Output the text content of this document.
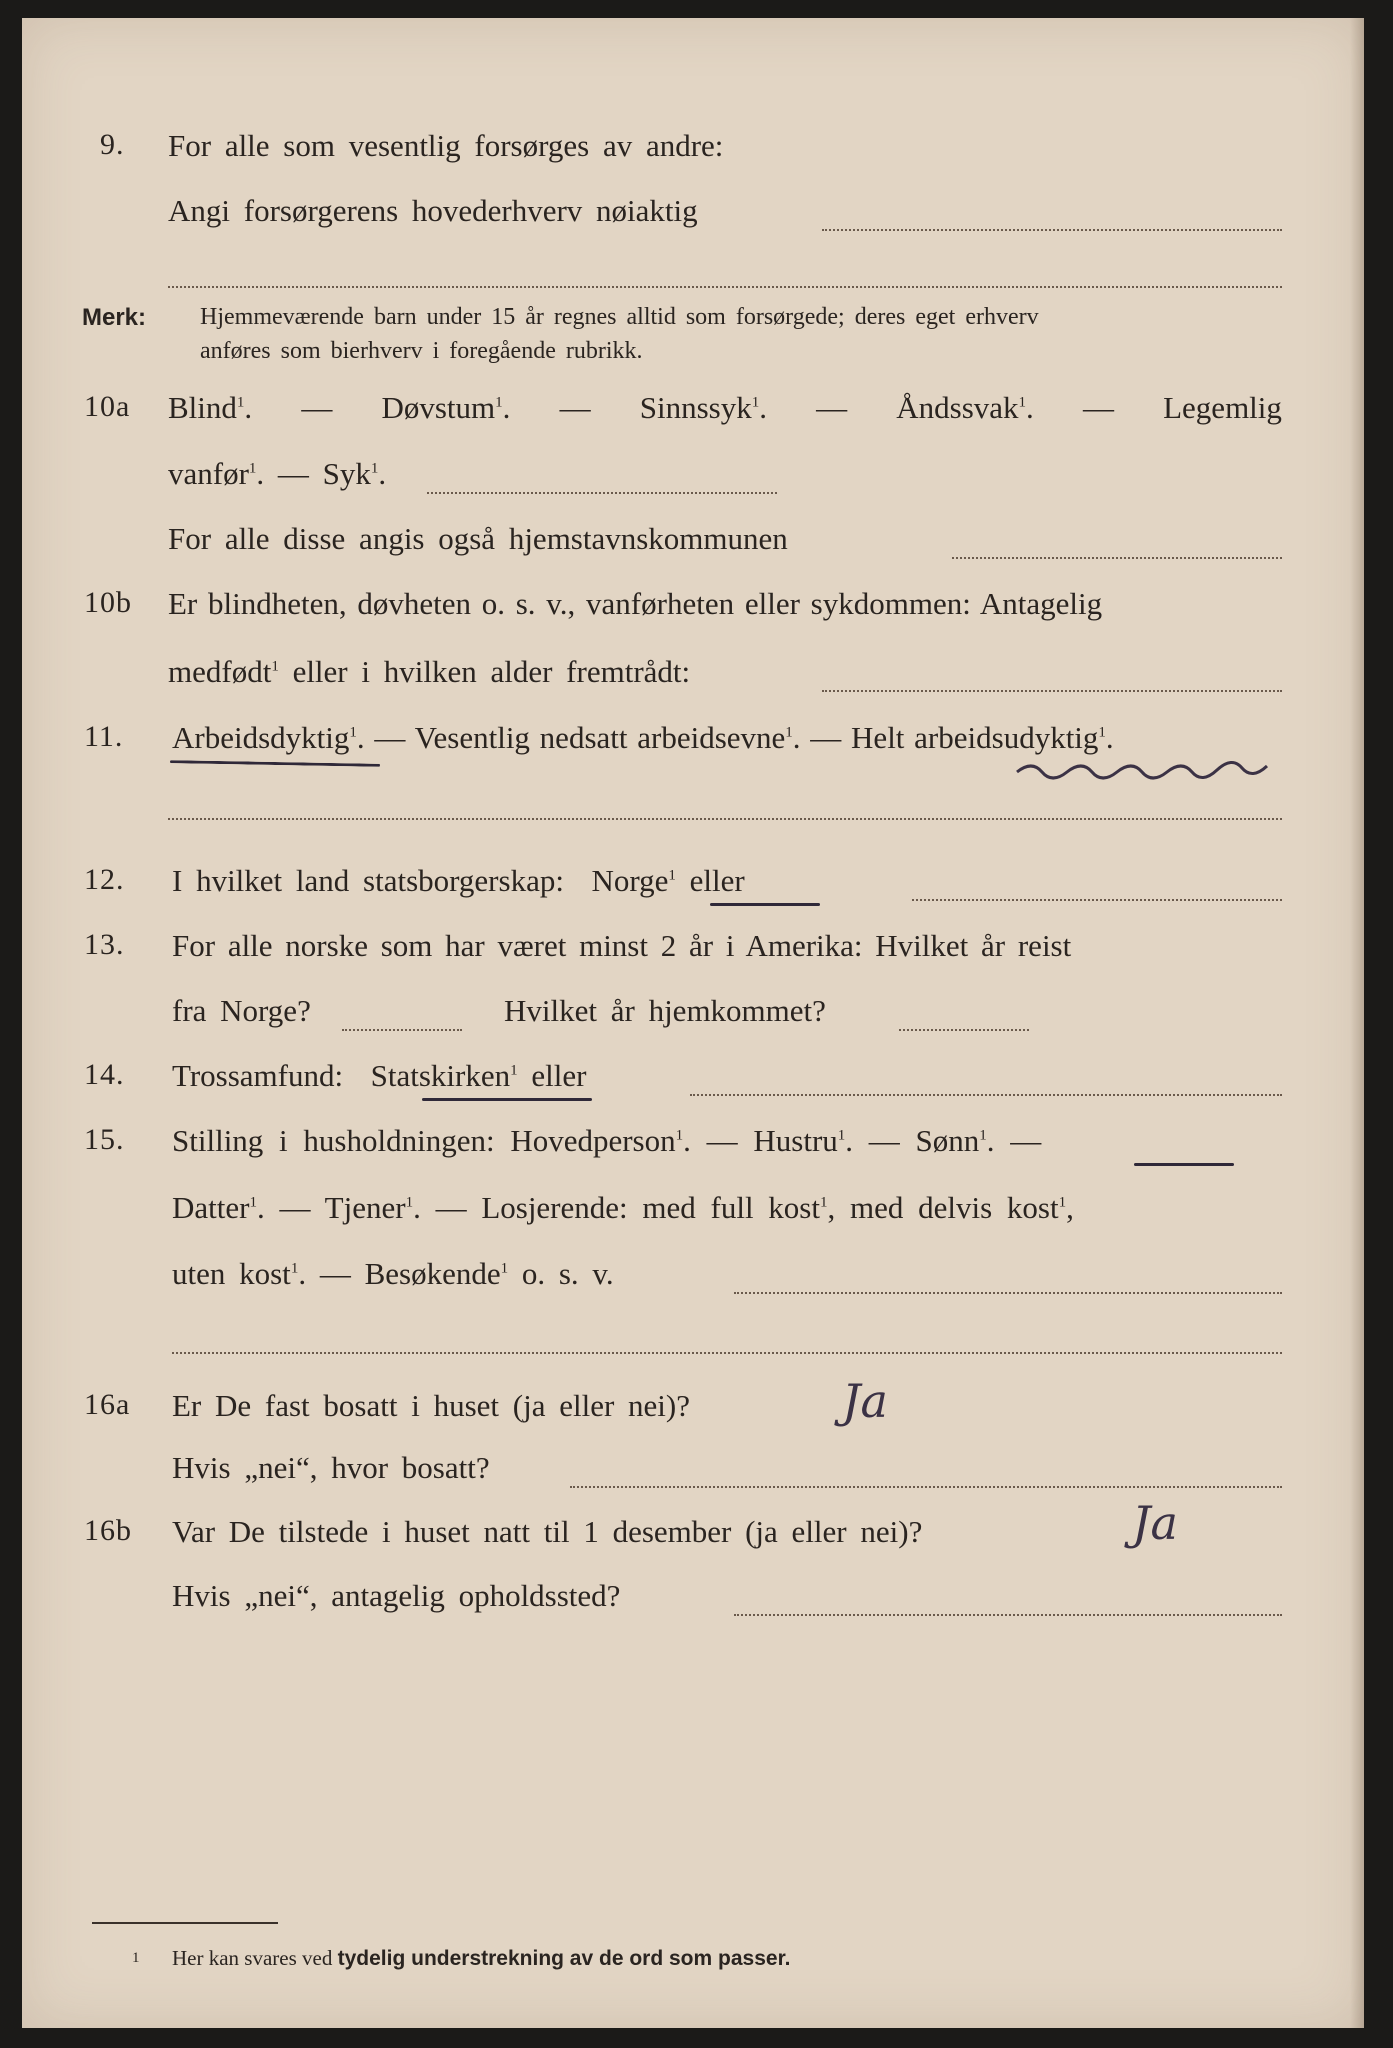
9. For alle som vesentlig forsørges av andre:
Angi forsørgerens hovederhverv nøiaktig
Merk: Hjemmeværende barn under 15 år regnes alltid som forsørgede; deres eget erhverv
anføres som bierhverv i foregående rubrikk.
10a Blind$^1$. — Døvstum$^1$. — Sinnssyk$^1$. — Åndssvak$^1$. — Legemlig
vanfør$^1$. — Syk$^1$.
For alle disse angis også hjemstavnskommunen
10b Er blindheten, døvheten o. s. v., vanførheten eller sykdommen: Antagelig
medfødt$^1$ eller i hvilken alder fremtrådt:
11. Arbeidsdyktig$^1$. — Vesentlig nedsatt arbeidsevne$^1$. — Helt arbeidsudyktig$^1$.
12. I hvilket land statsborgerskap: Norge$^1$ eller
13. For alle norske som har været minst 2 år i Amerika: Hvilket år reist
fra Norge?	Hvilket år hjemkommet?
14. Trossamfund: Statskirken$^1$ eller
15. Stilling i husholdningen: Hovedperson$^1$. — Hustru$^1$. — Sønn$^1$. —
Datter$^1$. — Tjener$^1$. — Losjerende: med full kost$^1$, med delvis kost$^1$,
uten kost$^1$. — Besøkende$^1$ o. s. v.
16a Er De fast bosatt i huset (ja eller nei)?	Ja
Hvis „nei“, hvor bosatt?
16b Var De tilstede i huset natt til 1 desember (ja eller nei)?	Ja
Hvis „nei“, antagelig opholdssted?
1 Her kan svares ved tydelig understrekning av de ord som passer.
